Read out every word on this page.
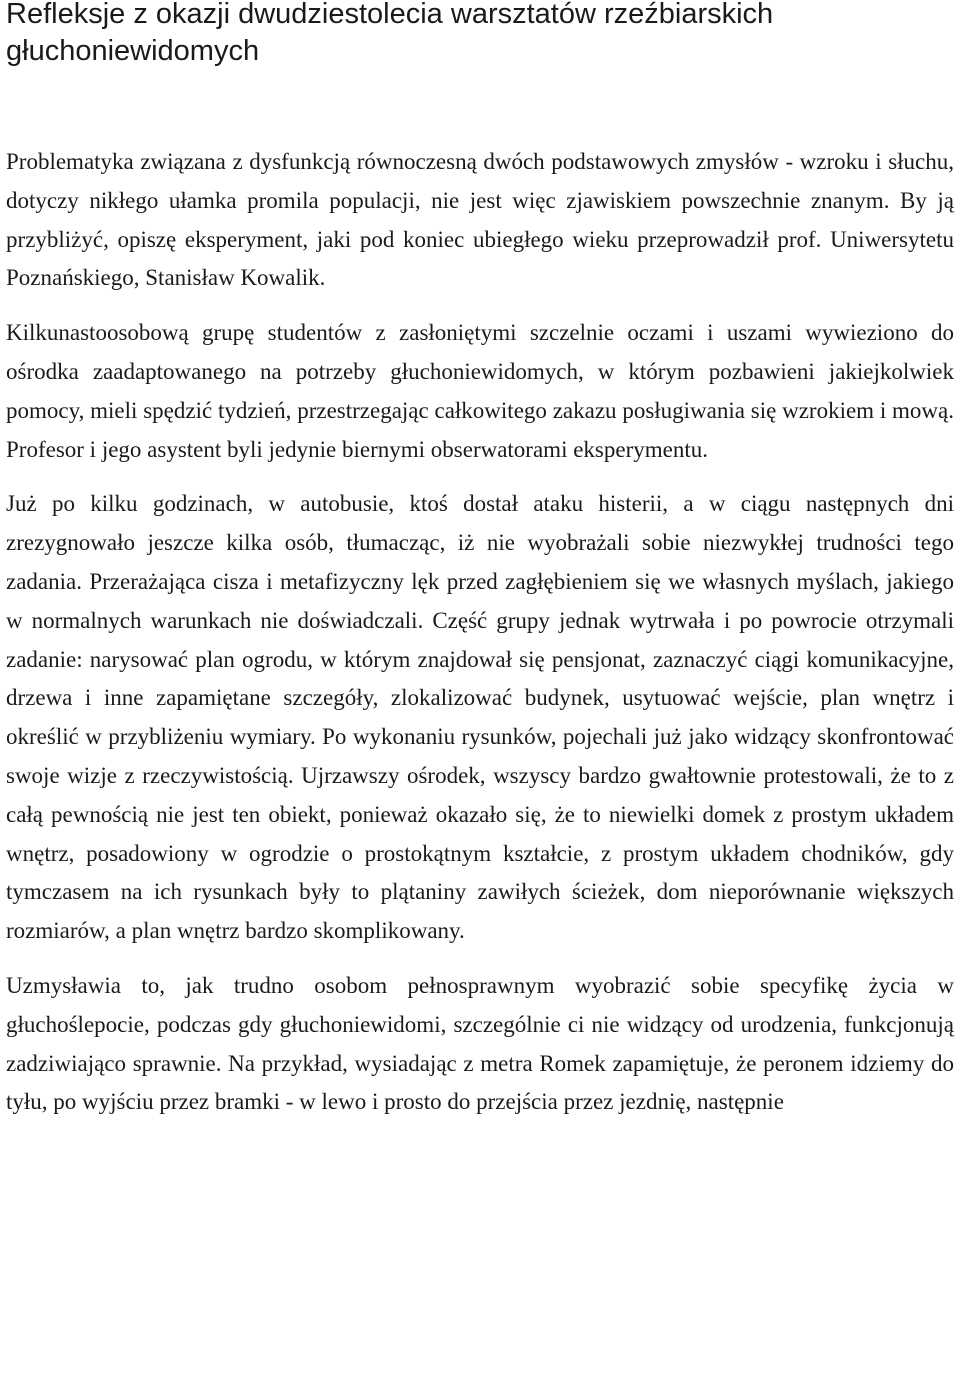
Refleksje z okazji dwudziestolecia warsztatów rzeźbiarskich głuchoniewidomych

Problematyka związana z dysfunkcją równoczesną dwóch podstawowych zmysłów - wzroku i słuchu, dotyczy nikłego ułamka promila populacji, nie jest więc zjawiskiem powszechnie znanym. By ją przybliżyć, opiszę eksperyment, jaki pod koniec ubiegłego wieku przeprowadził prof. Uniwersytetu Poznańskiego, Stanisław Kowalik.

Kilkunastoosobową grupę studentów z zasłoniętymi szczelnie oczami i uszami wywieziono do ośrodka zaadaptowanego na potrzeby głuchoniewidomych, w którym pozbawieni jakiejkolwiek pomocy, mieli spędzić tydzień, przestrzegając całkowitego zakazu posługiwania się wzrokiem i mową. Profesor i jego asystent byli jedynie biernymi obserwatorami eksperymentu.

Już po kilku godzinach, w autobusie, ktoś dostał ataku histerii, a w ciągu następnych dni zrezygnowało jeszcze kilka osób, tłumacząc, iż nie wyobrażali sobie niezwykłej trudności tego zadania. Przerażająca cisza i metafizyczny lęk przed zagłębieniem się we własnych myślach, jakiego w normalnych warunkach nie doświadczali. Część grupy jednak wytrwała i po powrocie otrzymali zadanie: narysować plan ogrodu, w którym znajdował się pensjonat, zaznaczyć ciągi komunikacyjne, drzewa i inne zapamiętane szczegóły, zlokalizować budynek, usytuować wejście, plan wnętrz i określić w przybliżeniu wymiary. Po wykonaniu rysunków, pojechali już jako widzący skonfrontować swoje wizje z rzeczywistością. Ujrzawszy ośrodek, wszyscy bardzo gwałtownie protestowali, że to z całą pewnością nie jest ten obiekt, ponieważ okazało się, że to niewielki domek z prostym układem wnętrz, posadowiony w ogrodzie o prostokątnym kształcie, z prostym układem chodników, gdy tymczasem na ich rysunkach były to plątaniny zawiłych ścieżek, dom nieporównanie większych rozmiarów, a plan wnętrz bardzo skomplikowany.

Uzmysławia to, jak trudno osobom pełnosprawnym wyobrazić sobie specyfikę życia w głuchoślepocie, podczas gdy głuchoniewidomi, szczególnie ci nie widzący od urodzenia, funkcjonują zadziwiająco sprawnie. Na przykład, wysiadając z metra Romek zapamiętuje, że peronem idziemy do tyłu, po wyjściu przez bramki - w lewo i prosto do przejścia przez jezdnię, następnie
